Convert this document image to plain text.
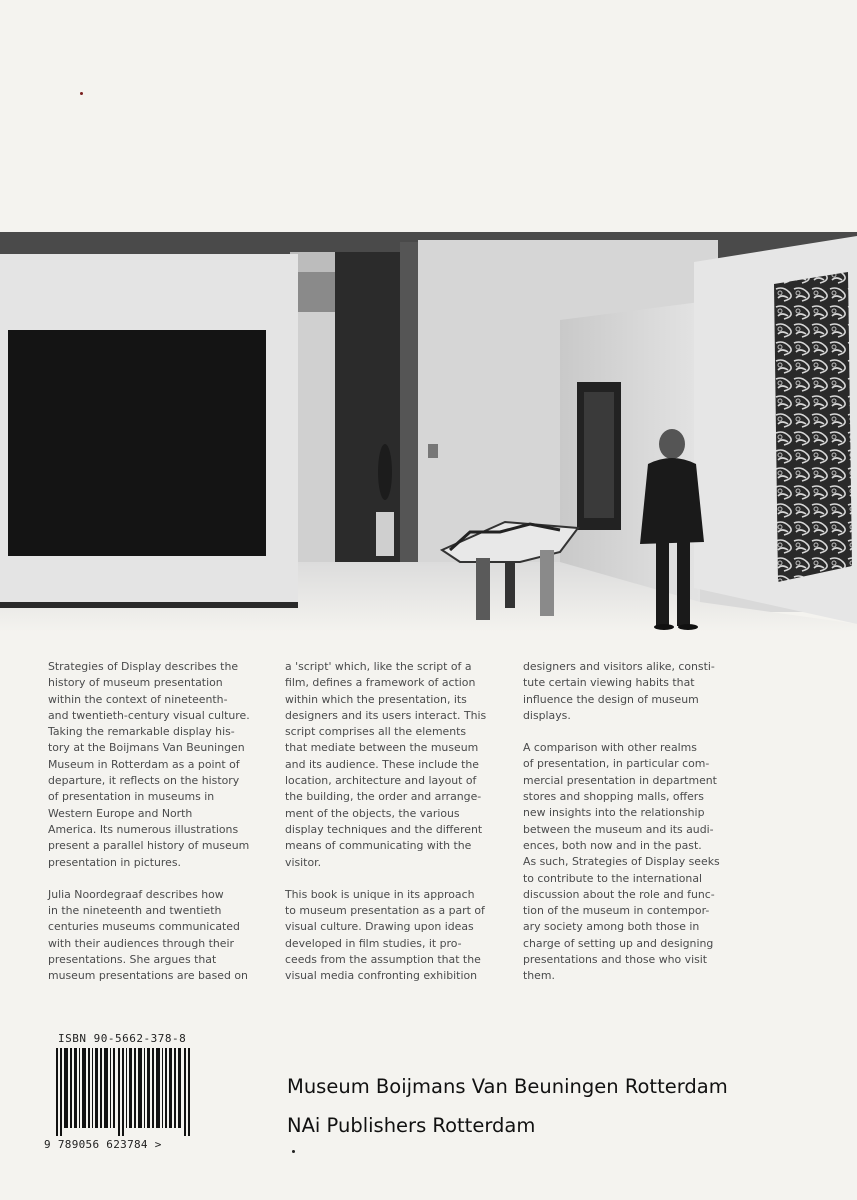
Strategies of Display describes the
history of museum presentation
within the context of nineteenth-
and twentieth-century visual culture.
Taking the remarkable display his-
tory at the Boijmans Van Beuningen
Museum in Rotterdam as a point of
departure, it reflects on the history
of presentation in museums in
Western Europe and North
America. Its numerous illustrations
present a parallel history of museum
presentation in pictures.

Julia Noordegraaf describes how
in the nineteenth and twentieth
centuries museums communicated
with their audiences through their
presentations. She argues that
museum presentations are based on

a 'script' which, like the script of a
film, defines a framework of action
within which the presentation, its
designers and its users interact. This
script comprises all the elements
that mediate between the museum
and its audience. These include the
location, architecture and layout of
the building, the order and arrange-
ment of the objects, the various
display techniques and the different
means of communicating with the
visitor.

This book is unique in its approach
to museum presentation as a part of
visual culture. Drawing upon ideas
developed in film studies, it pro-
ceeds from the assumption that the
visual media confronting exhibition

designers and visitors alike, consti-
tute certain viewing habits that
influence the design of museum
displays.

A comparison with other realms
of presentation, in particular com-
mercial presentation in department
stores and shopping malls, offers
new insights into the relationship
between the museum and its audi-
ences, both now and in the past.
As such, Strategies of Display seeks
to contribute to the international
discussion about the role and func-
tion of the museum in contempor-
ary society among both those in
charge of setting up and designing
presentations and those who visit
them.

ISBN 90-5662-378-8
9 789056 623784 >
Museum Boijmans Van Beuningen Rotterdam
NAi Publishers Rotterdam
